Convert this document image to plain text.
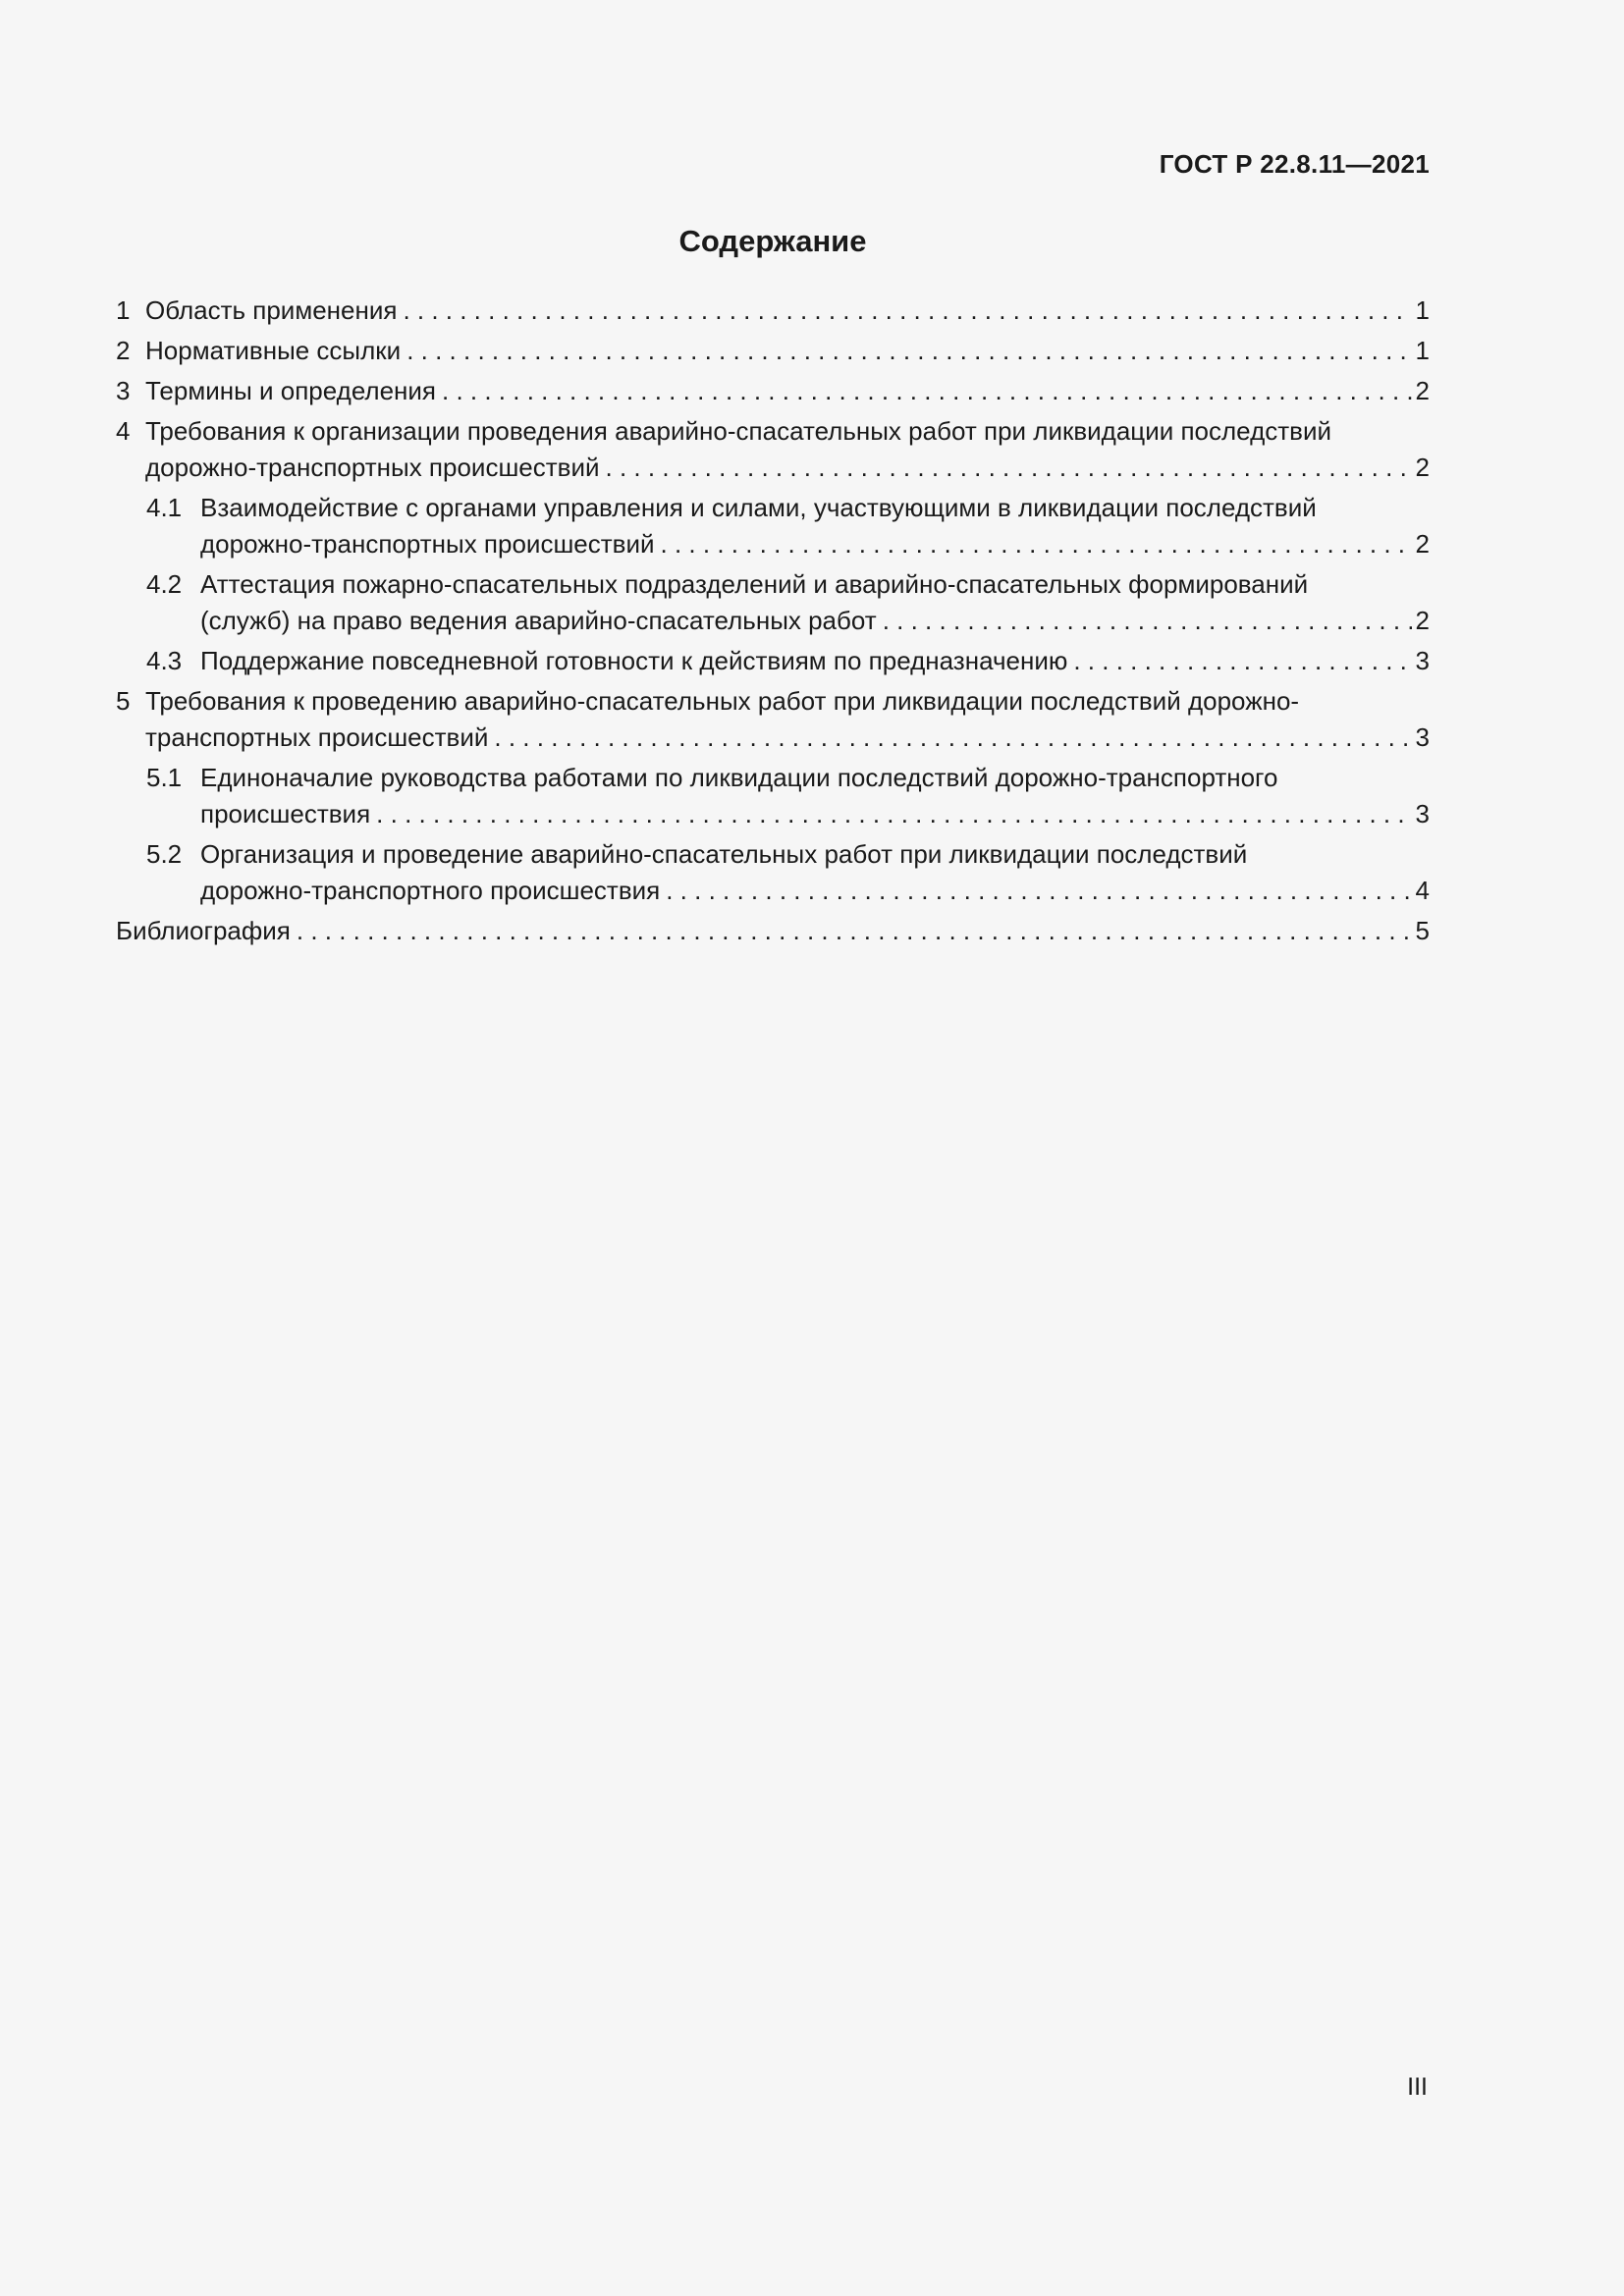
ГОСТ Р 22.8.11—2021
Содержание
1 Область применения . . .	1
2 Нормативные ссылки . . .	1
3 Термины и определения . . .	2
4 Требования к организации проведения аварийно-спасательных работ при ликвидации последствий
дорожно-транспортных происшествий . . .	2
4.1 Взаимодействие с органами управления и силами, участвующими в ликвидации последствий
дорожно-транспортных происшествий . . .	2
4.2 Аттестация пожарно-спасательных подразделений и аварийно-спасательных формирований
(служб) на право ведения аварийно-спасательных работ . . .	2
4.3 Поддержание повседневной готовности к действиям по предназначению . . .	3
5 Требования к проведению аварийно-спасательных работ при ликвидации последствий дорожно-
транспортных происшествий . . .	3
5.1 Единоначалие руководства работами по ликвидации последствий дорожно-транспортного
происшествия . . .	3
5.2 Организация и проведение аварийно-спасательных работ при ликвидации последствий
дорожно-транспортного происшествия . . .	4
Библиография . . .	5
III
